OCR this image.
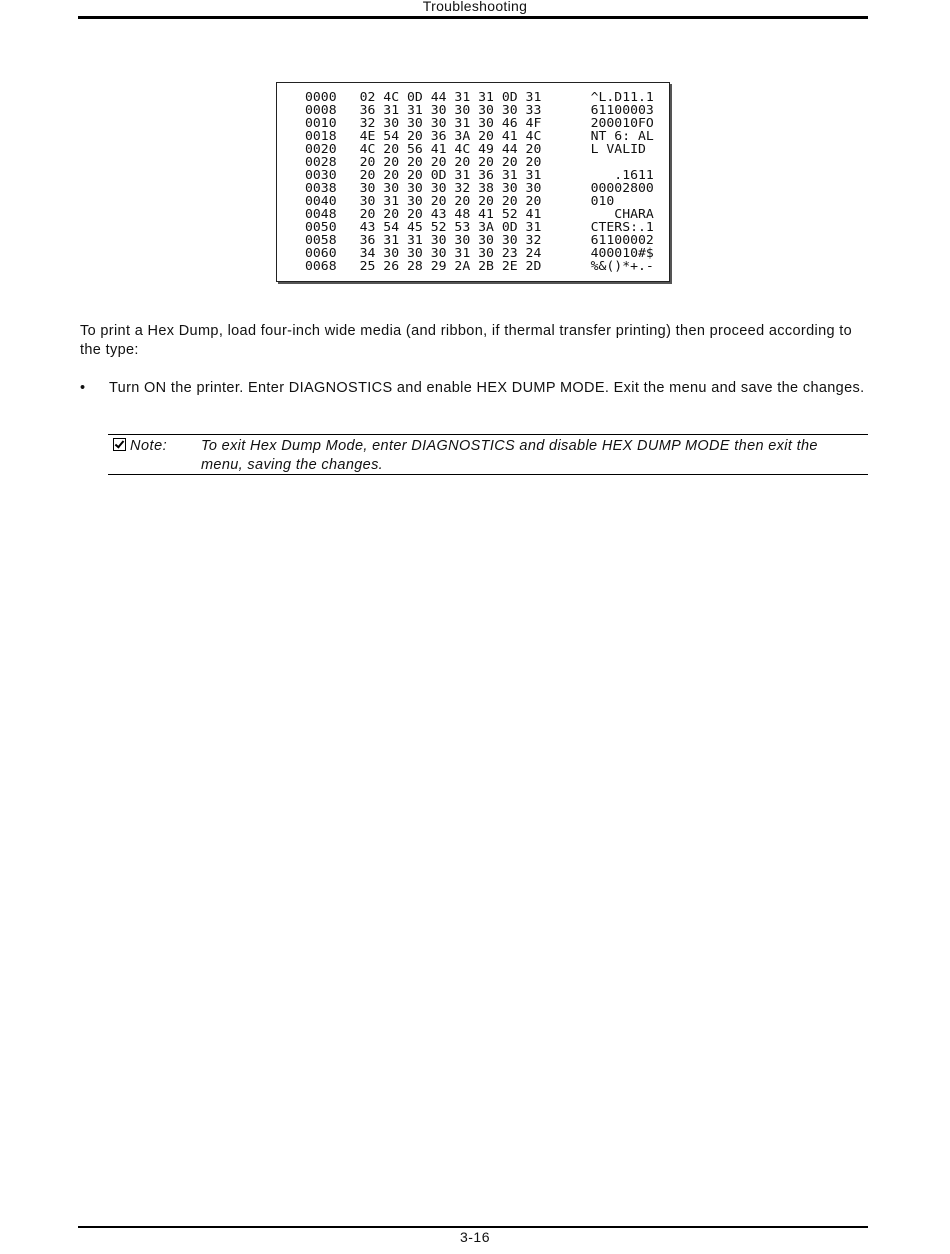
Troubleshooting
0000 02 4C 0D 44 31 31 0D 31	^L.D11.1
0008 36 31 31 30 30 30 30 33	61100003
0010 32 30 30 30 31 30 46 4F	200010FO
0018 4E 54 20 36 3A 20 41 4C	NT 6: AL
0020 4C 20 56 41 4C 49 44 20	L VALID
0028 20 20 20 20 20 20 20 20
0030 20 20 20 0D 31 36 31 31	.1611
0038 30 30 30 30 32 38 30 30	00002800
0040 30 31 30 20 20 20 20 20	010
0048 20 20 20 43 48 41 52 41	CHARA
0050 43 54 45 52 53 3A 0D 31	CTERS:.1
0058 36 31 31 30 30 30 30 32	61100002
0060 34 30 30 30 31 30 23 24	400010#$
0068 25 26 28 29 2A 2B 2E 2D	%&()*+.-
To print a Hex Dump, load four-inch wide media (and ribbon, if thermal transfer printing) then proceed according to the type:
• Turn ON the printer. Enter DIAGNOSTICS and enable HEX DUMP MODE. Exit the menu and save the changes.
Note: To exit Hex Dump Mode, enter DIAGNOSTICS and disable HEX DUMP MODE then exit the menu, saving the changes.
3-16
